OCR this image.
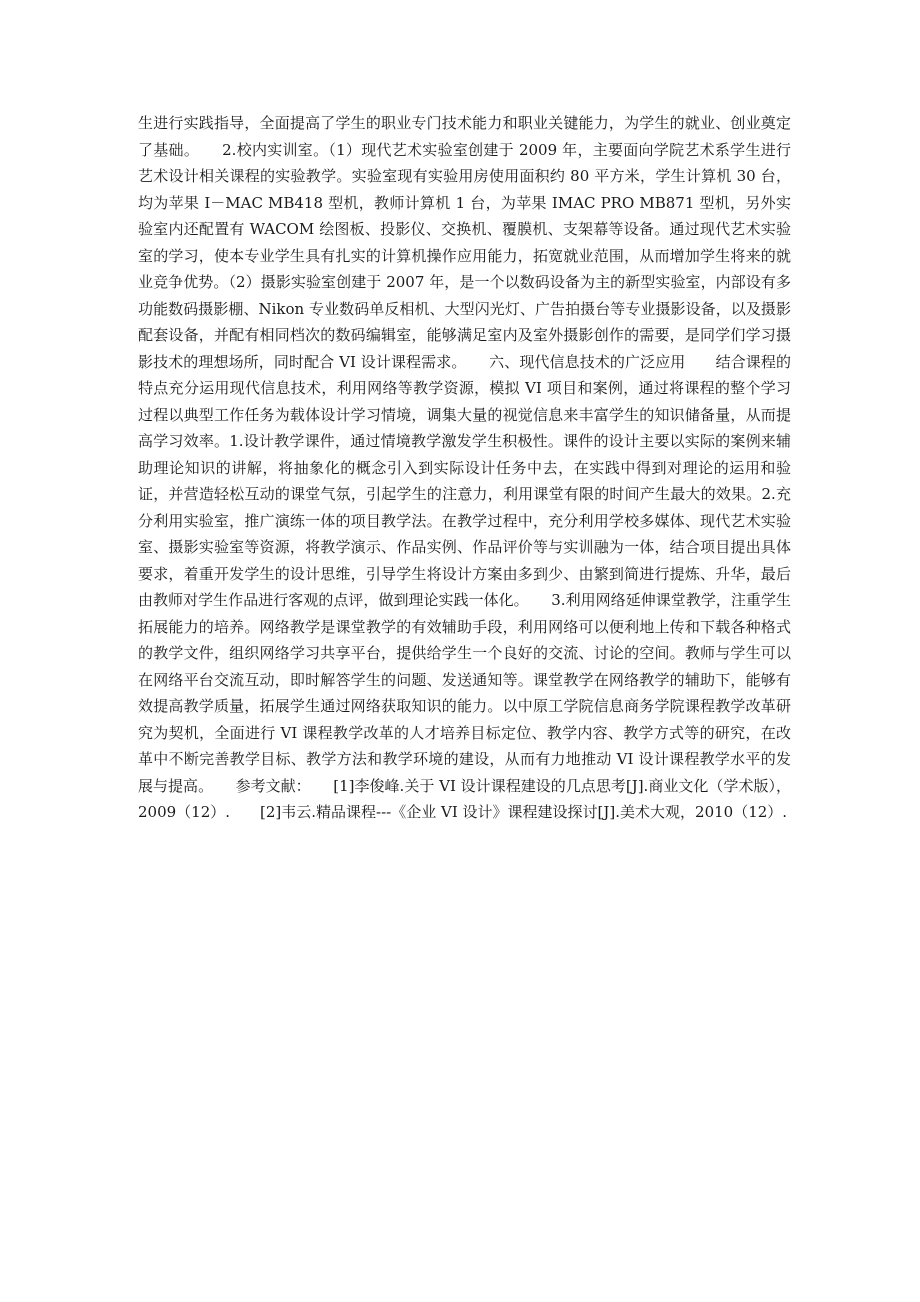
生进行实践指导，全面提高了学生的职业专门技术能力和职业关键能力，为学生的就业、创业奠定了基础。　　2.校内实训室。（1）现代艺术实验室创建于 2009 年，主要面向学院艺术系学生进行艺术设计相关课程的实验教学。实验室现有实验用房使用面积约 80 平方米，学生计算机 30 台，均为苹果 I－MAC MB418 型机，教师计算机 1 台，为苹果 IMAC PRO MB871 型机，另外实验室内还配置有 WACOM 绘图板、投影仪、交换机、覆膜机、支架幕等设备。通过现代艺术实验室的学习，使本专业学生具有扎实的计算机操作应用能力，拓宽就业范围，从而增加学生将来的就业竞争优势。（2）摄影实验室创建于 2007 年，是一个以数码设备为主的新型实验室，内部设有多功能数码摄影棚、Nikon 专业数码单反相机、大型闪光灯、广告拍摄台等专业摄影设备，以及摄影配套设备，并配有相同档次的数码编辑室，能够满足室内及室外摄影创作的需要，是同学们学习摄影技术的理想场所，同时配合 VI 设计课程需求。　　六、现代信息技术的广泛应用　　结合课程的特点充分运用现代信息技术，利用网络等教学资源，模拟 VI 项目和案例，通过将课程的整个学习过程以典型工作任务为载体设计学习情境，调集大量的视觉信息来丰富学生的知识储备量，从而提高学习效率。1.设计教学课件，通过情境教学激发学生积极性。课件的设计主要以实际的案例来辅助理论知识的讲解，将抽象化的概念引入到实际设计任务中去，在实践中得到对理论的运用和验证，并营造轻松互动的课堂气氛，引起学生的注意力，利用课堂有限的时间产生最大的效果。2.充分利用实验室，推广演练一体的项目教学法。在教学过程中，充分利用学校多媒体、现代艺术实验室、摄影实验室等资源，将教学演示、作品实例、作品评价等与实训融为一体，结合项目提出具体要求，着重开发学生的设计思维，引导学生将设计方案由多到少、由繁到简进行提炼、升华，最后由教师对学生作品进行客观的点评，做到理论实践一体化。　　3.利用网络延伸课堂教学，注重学生拓展能力的培养。网络教学是课堂教学的有效辅助手段，利用网络可以便利地上传和下载各种格式的教学文件，组织网络学习共享平台，提供给学生一个良好的交流、讨论的空间。教师与学生可以在网络平台交流互动，即时解答学生的问题、发送通知等。课堂教学在网络教学的辅助下，能够有效提高教学质量，拓展学生通过网络获取知识的能力。以中原工学院信息商务学院课程教学改革研究为契机，全面进行 VI 课程教学改革的人才培养目标定位、教学内容、教学方式等的研究，在改革中不断完善教学目标、教学方法和教学环境的建设，从而有力地推动 VI 设计课程教学水平的发展与提高。　　参考文献：　　[1]李俊峰.关于 VI 设计课程建设的几点思考[J].商业文化（学术版），2009（12）.　　[2]韦云.精品课程---《企业 VI 设计》课程建设探讨[J].美术大观，2010（12）.
